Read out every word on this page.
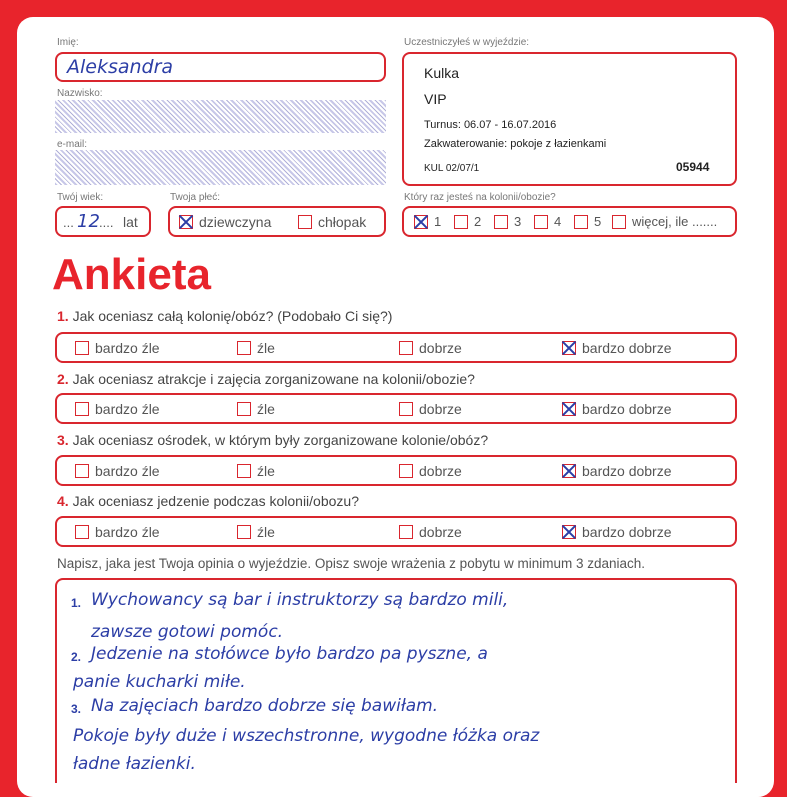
Imię:
Aleksandra
Nazwisko:
e-mail:
Uczestniczyłeś w wyjeździe:
Kulka
VIP
Turnus: 06.07 - 16.07.2016
Zakwaterowanie: pokoje z łazienkami
KUL 02/07/1	05944
Twój wiek:
... 12 .... lat
Twoja płeć:
dziewczyna	chłopak
Który raz jesteś na kolonii/obozie?
1	2	3	4	5 więcej, ile .......
Ankieta
1. Jak oceniasz całą kolonię/obóz? (Podobało Ci się?)
bardzo źle	źle	dobrze	bardzo dobrze
2. Jak oceniasz atrakcje i zajęcia zorganizowane na kolonii/obozie?
bardzo źle	źle	dobrze	bardzo dobrze
3. Jak oceniasz ośrodek, w którym były zorganizowane kolonie/obóz?
bardzo źle	źle	dobrze	bardzo dobrze
4. Jak oceniasz jedzenie podczas kolonii/obozu?
bardzo źle	źle	dobrze	bardzo dobrze
Napisz, jaka jest Twoja opinia o wyjeździe. Opisz swoje wrażenia z pobytu w minimum 3 zdaniach.
1. Wychowancy są bar i instruktorzy są bardzo mili,
zawsze gotowi pomóc.
2. Jedzenie na stołówce było bardzo pa pyszne, a
panie kucharki miłe.
3. Na zajęciach bardzo dobrze się bawiłam.
Pokoje były duże i wszechstronne, wygodne łóżka oraz
ładne łazienki.
